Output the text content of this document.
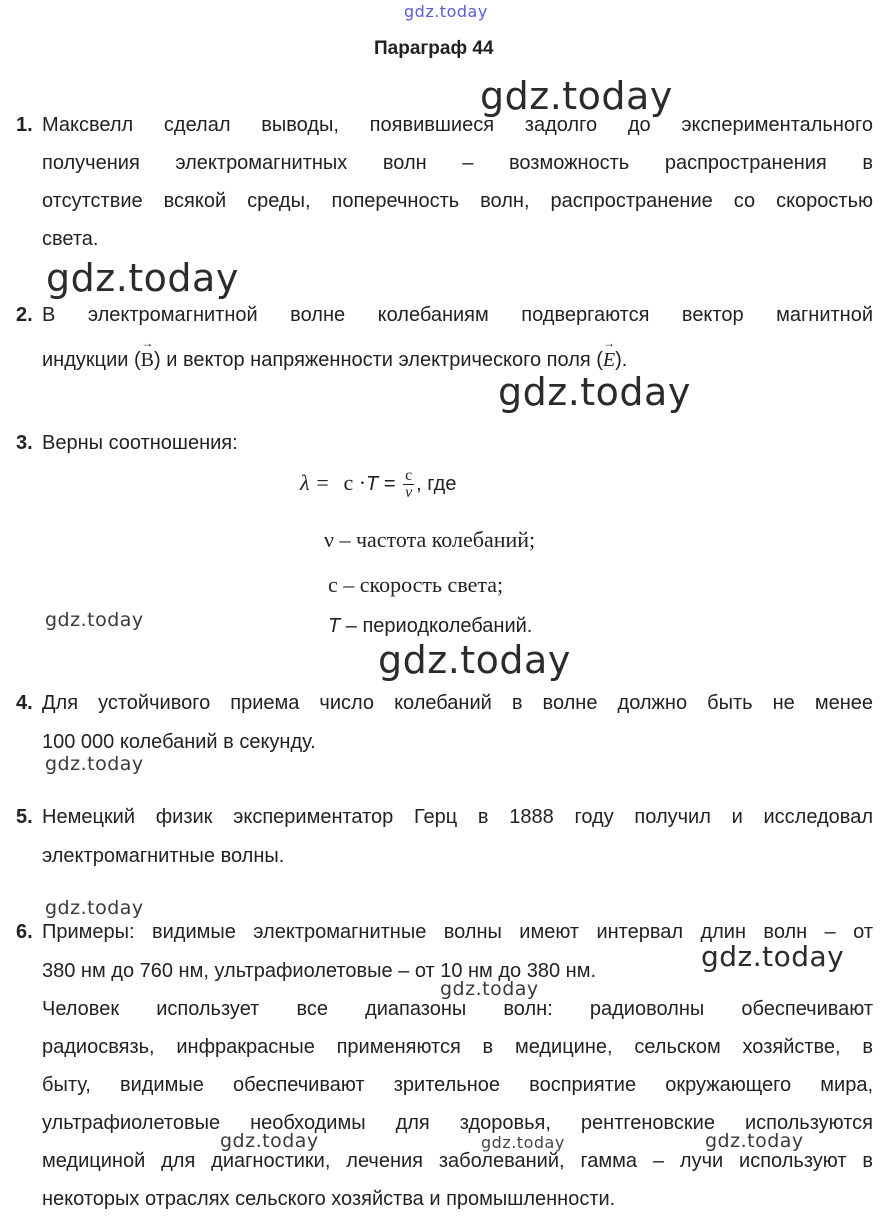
gdz.today
gdz.today
gdz.today
gdz.today
gdz.today
gdz.today
gdz.today
gdz.today
gdz.today
gdz.today
gdz.today	gdz.today	gdz.today
Параграф 44
1. Максвелл сделал выводы, появившиеся задолго до экспериментального
получения электромагнитных волн – возможность распространения в
отсутствие всякой среды, поперечность волн, распространение со скоростью
света.
2. В электромагнитной волне колебаниям подвергаются вектор магнитной
индукции (→ B) и вектор напряженности электрического поля (→ E).
3. Верны соотношения:
$\lambda = c \cdot T = \frac{c}{\nu}$ , где
ν – частота колебаний;
c – скорость света;
T – периодколебаний.
4. Для устойчивого приема число колебаний в волне должно быть не менее
100 000 колебаний в секунду.
5. Немецкий физик экспериментатор Герц в 1888 году получил и исследовал
электромагнитные волны.
6. Примеры: видимые электромагнитные волны имеют интервал длин волн – от
380 нм до 760 нм, ультрафиолетовые – от 10 нм до 380 нм.
Человек использует все диапазоны волн: радиоволны обеспечивают
радиосвязь, инфракрасные применяются в медицине, сельском хозяйстве, в
быту, видимые обеспечивают зрительное восприятие окружающего мира,
ультрафиолетовые необходимы для здоровья, рентгеновские используются
медициной для диагностики, лечения заболеваний, гамма – лучи используют в
некоторых отраслях сельского хозяйства и промышленности.
